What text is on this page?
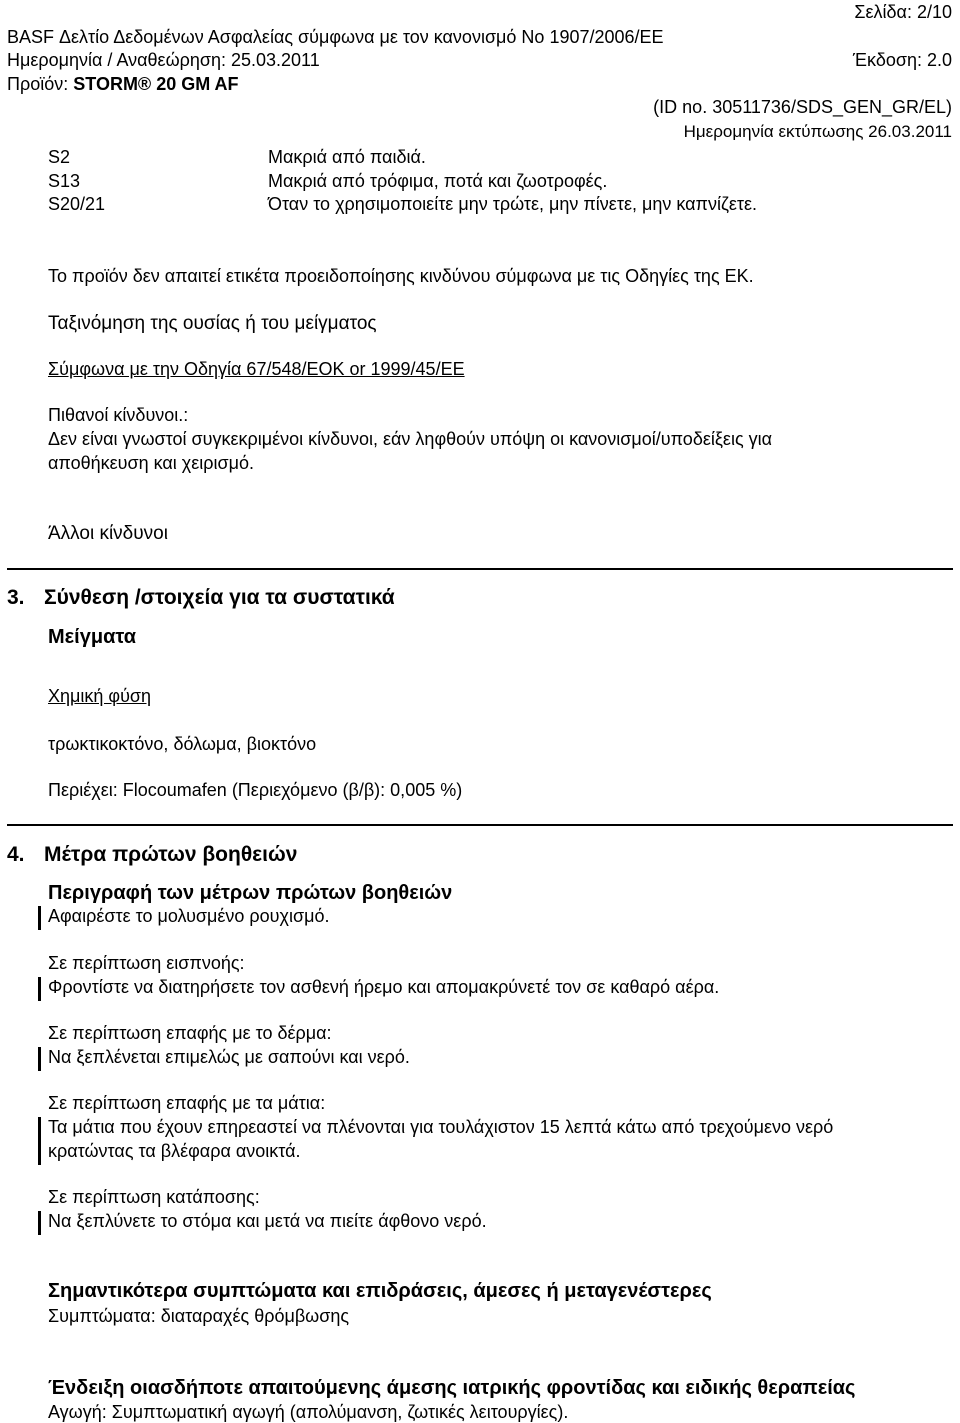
Σελίδα: 2/10
BASF Δελτίο Δεδομένων Ασφαλείας σύμφωνα με τον κανονισμό No 1907/2006/EE
Ημερομηνία / Αναθεώρηση: 25.03.2011	Έκδοση: 2.0
Προϊόν: STORM® 20 GM AF
(ID no. 30511736/SDS_GEN_GR/EL)
Ημερομηνία εκτύπωσης 26.03.2011
S2	Μακριά από παιδιά.
S13	Μακριά από τρόφιμα, ποτά και ζωοτροφές.
S20/21	Όταν το χρησιμοποιείτε μην τρώτε, μην πίνετε, μην καπνίζετε.
Το προϊόν δεν απαιτεί ετικέτα προειδοποίησης κινδύνου σύμφωνα με τις Οδηγίες της ΕΚ.
Ταξινόμηση της ουσίας ή του μείγματος
Σύμφωνα με την Οδηγία 67/548/ΕΟΚ or 1999/45/ΕΕ
Πιθανοί κίνδυνοι.:
Δεν είναι γνωστοί συγκεκριμένοι κίνδυνοι, εάν ληφθούν υπόψη οι κανονισμοί/υποδείξεις για
αποθήκευση και χειρισμό.
Άλλοι κίνδυνοι
3. Σύνθεση /στοιχεία για τα συστατικά
Μείγματα
Χημική φύση
τρωκτικοκτόνο, δόλωμα, βιοκτόνο
Περιέχει: Flocoumafen (Περιεχόμενο (β/β): 0,005 %)
4. Μέτρα πρώτων βοηθειών
Περιγραφή των μέτρων πρώτων βοηθειών
Αφαιρέστε το μολυσμένο ρουχισμό.
Σε περίπτωση εισπνοής:
Φροντίστε να διατηρήσετε τον ασθενή ήρεμο και απομακρύνετέ τον σε καθαρό αέρα.
Σε περίπτωση επαφής με το δέρμα:
Να ξεπλένεται επιμελώς με σαπούνι και νερό.
Σε περίπτωση επαφής με τα μάτια:
Τα μάτια που έχουν επηρεαστεί να πλένονται για τουλάχιστον 15 λεπτά κάτω από τρεχούμενο νερό
κρατώντας τα βλέφαρα ανοικτά.
Σε περίπτωση κατάποσης:
Να ξεπλύνετε το στόμα και μετά να πιείτε άφθονο νερό.
Σημαντικότερα συμπτώματα και επιδράσεις, άμεσες ή μεταγενέστερες
Συμπτώματα: διαταραχές θρόμβωσης
Ένδειξη οιασδήποτε απαιτούμενης άμεσης ιατρικής φροντίδας και ειδικής θεραπείας
Αγωγή: Συμπτωματική αγωγή (απολύμανση, ζωτικές λειτουργίες).
